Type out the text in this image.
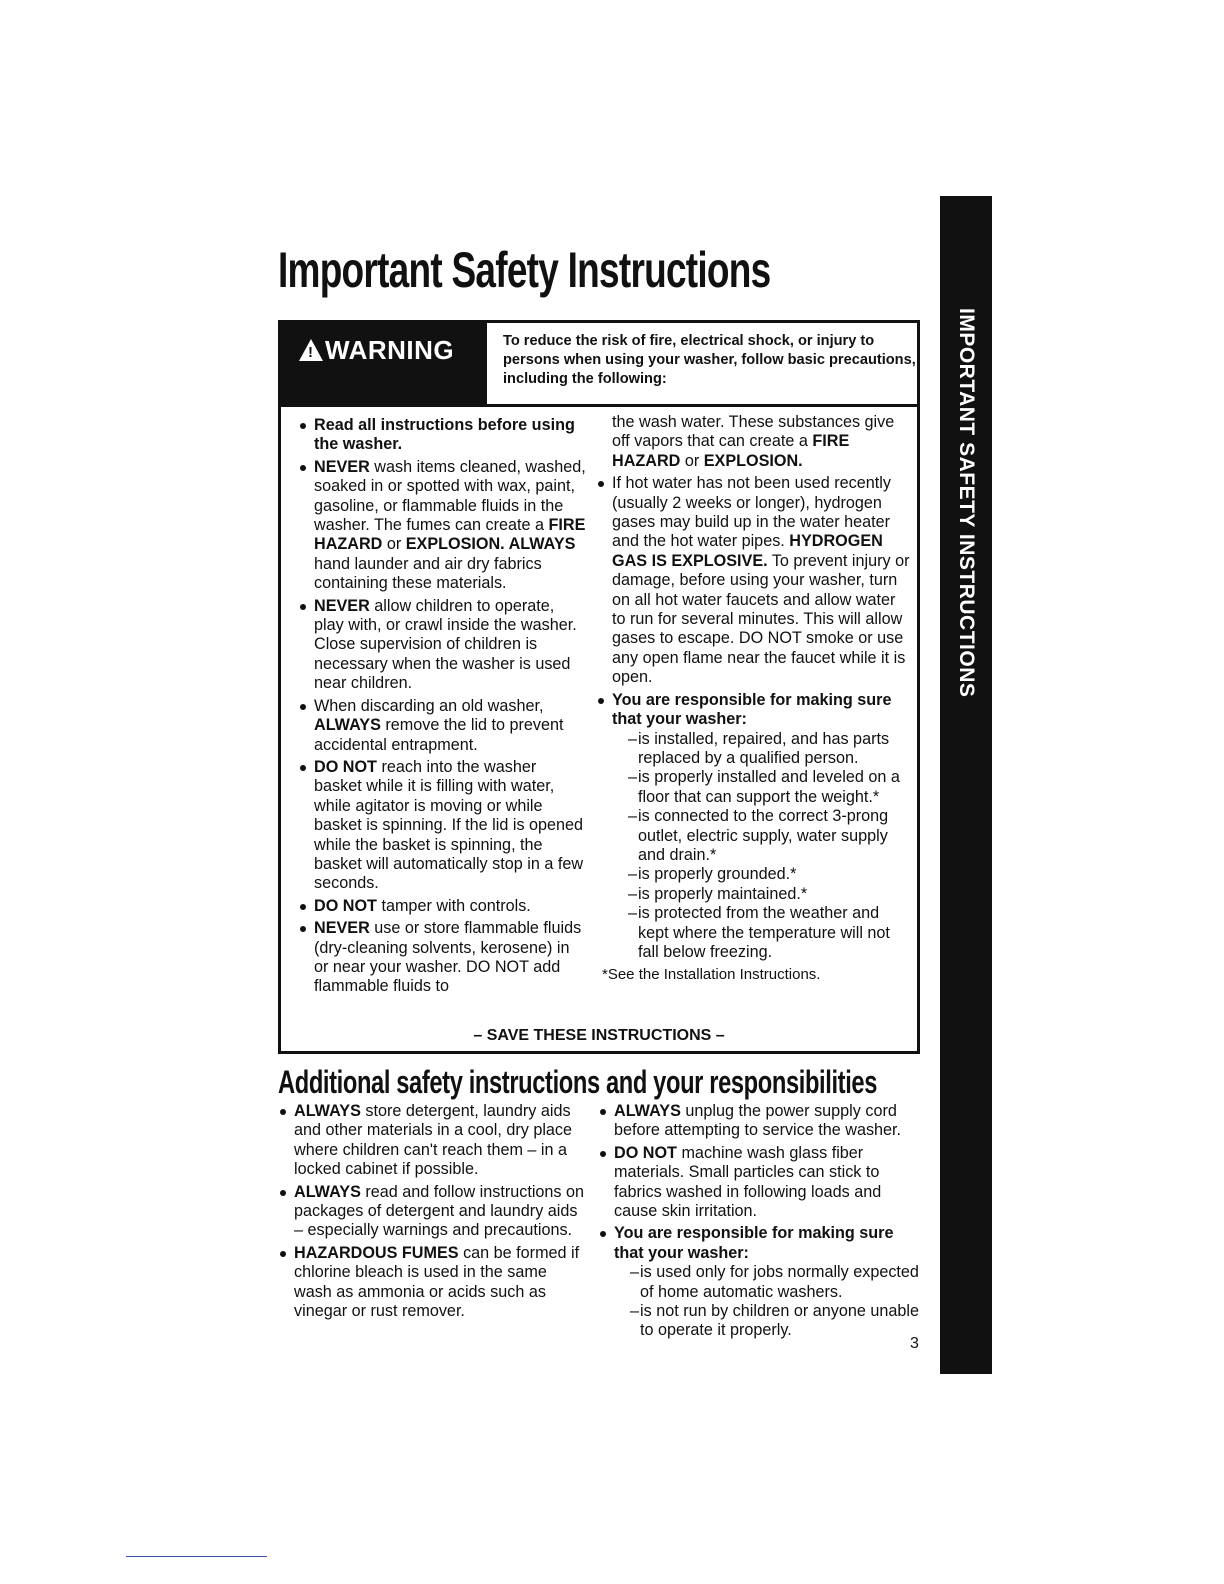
Important Safety Instructions
IMPORTANT SAFETY INSTRUCTIONS
!WARNING	To reduce the risk of fire, electrical shock, or injury to persons when using your washer, follow basic precautions, including the following:

– SAVE THESE INSTRUCTIONS –
Read all instructions before using the washer.
NEVER wash items cleaned, washed, soaked in or spotted with wax, paint, gasoline, or flammable fluids in the washer. The fumes can create a FIRE HAZARD or EXPLOSION. ALWAYS hand launder and air dry fabrics containing these materials.
NEVER allow children to operate, play with, or crawl inside the washer. Close supervision of children is necessary when the washer is used near children.
When discarding an old washer, ALWAYS remove the lid to prevent accidental entrapment.
DO NOT reach into the washer basket while it is filling with water, while agitator is moving or while basket is spinning. If the lid is opened while the basket is spinning, the basket will automatically stop in a few seconds.
DO NOT tamper with controls.
NEVER use or store flammable fluids (dry-cleaning solvents, kerosene) in or near your washer. DO NOT add flammable fluids to
the wash water. These substances give off vapors that can create a FIRE HAZARD or EXPLOSION.
If hot water has not been used recently (usually 2 weeks or longer), hydrogen gases may build up in the water heater and the hot water pipes. HYDROGEN GAS IS EXPLOSIVE. To prevent injury or damage, before using your washer, turn on all hot water faucets and allow water to run for several minutes. This will allow gases to escape. DO NOT smoke or use any open flame near the faucet while it is open.
You are responsible for making sure that your washer:
– is installed, repaired, and has parts replaced by a qualified person.
– is properly installed and leveled on a floor that can support the weight.*
– is connected to the correct 3-prong outlet, electric supply, water supply and drain.*
– is properly grounded.*
– is properly maintained.*
– is protected from the weather and kept where the temperature will not fall below freezing.
*See the Installation Instructions.
Additional safety instructions and your responsibilities
ALWAYS store detergent, laundry aids and other materials in a cool, dry place where children can't reach them – in a locked cabinet if possible.
ALWAYS read and follow instructions on packages of detergent and laundry aids – especially warnings and precautions.
HAZARDOUS FUMES can be formed if chlorine bleach is used in the same wash as ammonia or acids such as vinegar or rust remover.
ALWAYS unplug the power supply cord before attempting to service the washer.
DO NOT machine wash glass fiber materials. Small particles can stick to fabrics washed in following loads and cause skin irritation.
You are responsible for making sure that your washer:
– is used only for jobs normally expected of home automatic washers.
– is not run by children or anyone unable to operate it properly.
3
